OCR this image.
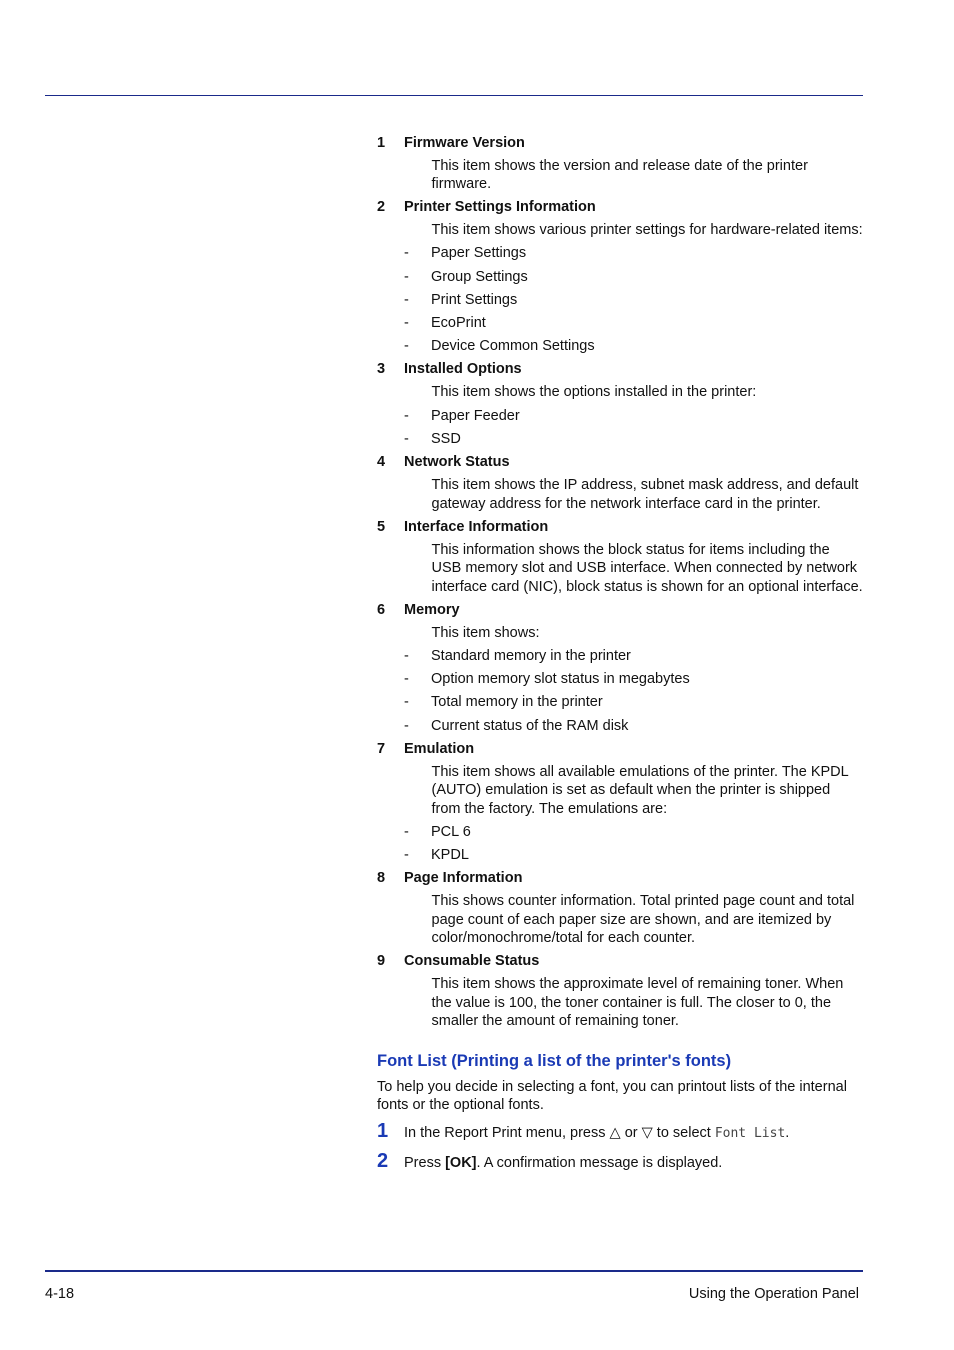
1	Firmware Version
This item shows the version and release date of the printer firmware.
2	Printer Settings Information
This item shows various printer settings for hardware-related items:
-	Paper Settings
-	Group Settings
-	Print Settings
-	EcoPrint
-	Device Common Settings
3	Installed Options
This item shows the options installed in the printer:
-	Paper Feeder
-	SSD
4	Network Status
This item shows the IP address, subnet mask address, and default gateway address for the network interface card in the printer.
5	Interface Information
This information shows the block status for items including the USB memory slot and USB interface. When connected by network interface card (NIC), block status is shown for an optional interface.
6	Memory
This item shows:
-	Standard memory in the printer
-	Option memory slot status in megabytes
-	Total memory in the printer
-	Current status of the RAM disk
7	Emulation
This item shows all available emulations of the printer. The KPDL (AUTO) emulation is set as default when the printer is shipped from the factory. The emulations are:
-	PCL 6
-	KPDL
8	Page Information
This shows counter information. Total printed page count and total page count of each paper size are shown, and are itemized by color/monochrome/total for each counter.
9	Consumable Status
This item shows the approximate level of remaining toner. When the value is 100, the toner container is full. The closer to 0, the smaller the amount of remaining toner.
Font List (Printing a list of the printer's fonts)
To help you decide in selecting a font, you can printout lists of the internal fonts or the optional fonts.
1	In the Report Print menu, press △ or ▽ to select Font List.
2	Press [OK]. A confirmation message is displayed.
4-18	Using the Operation Panel
